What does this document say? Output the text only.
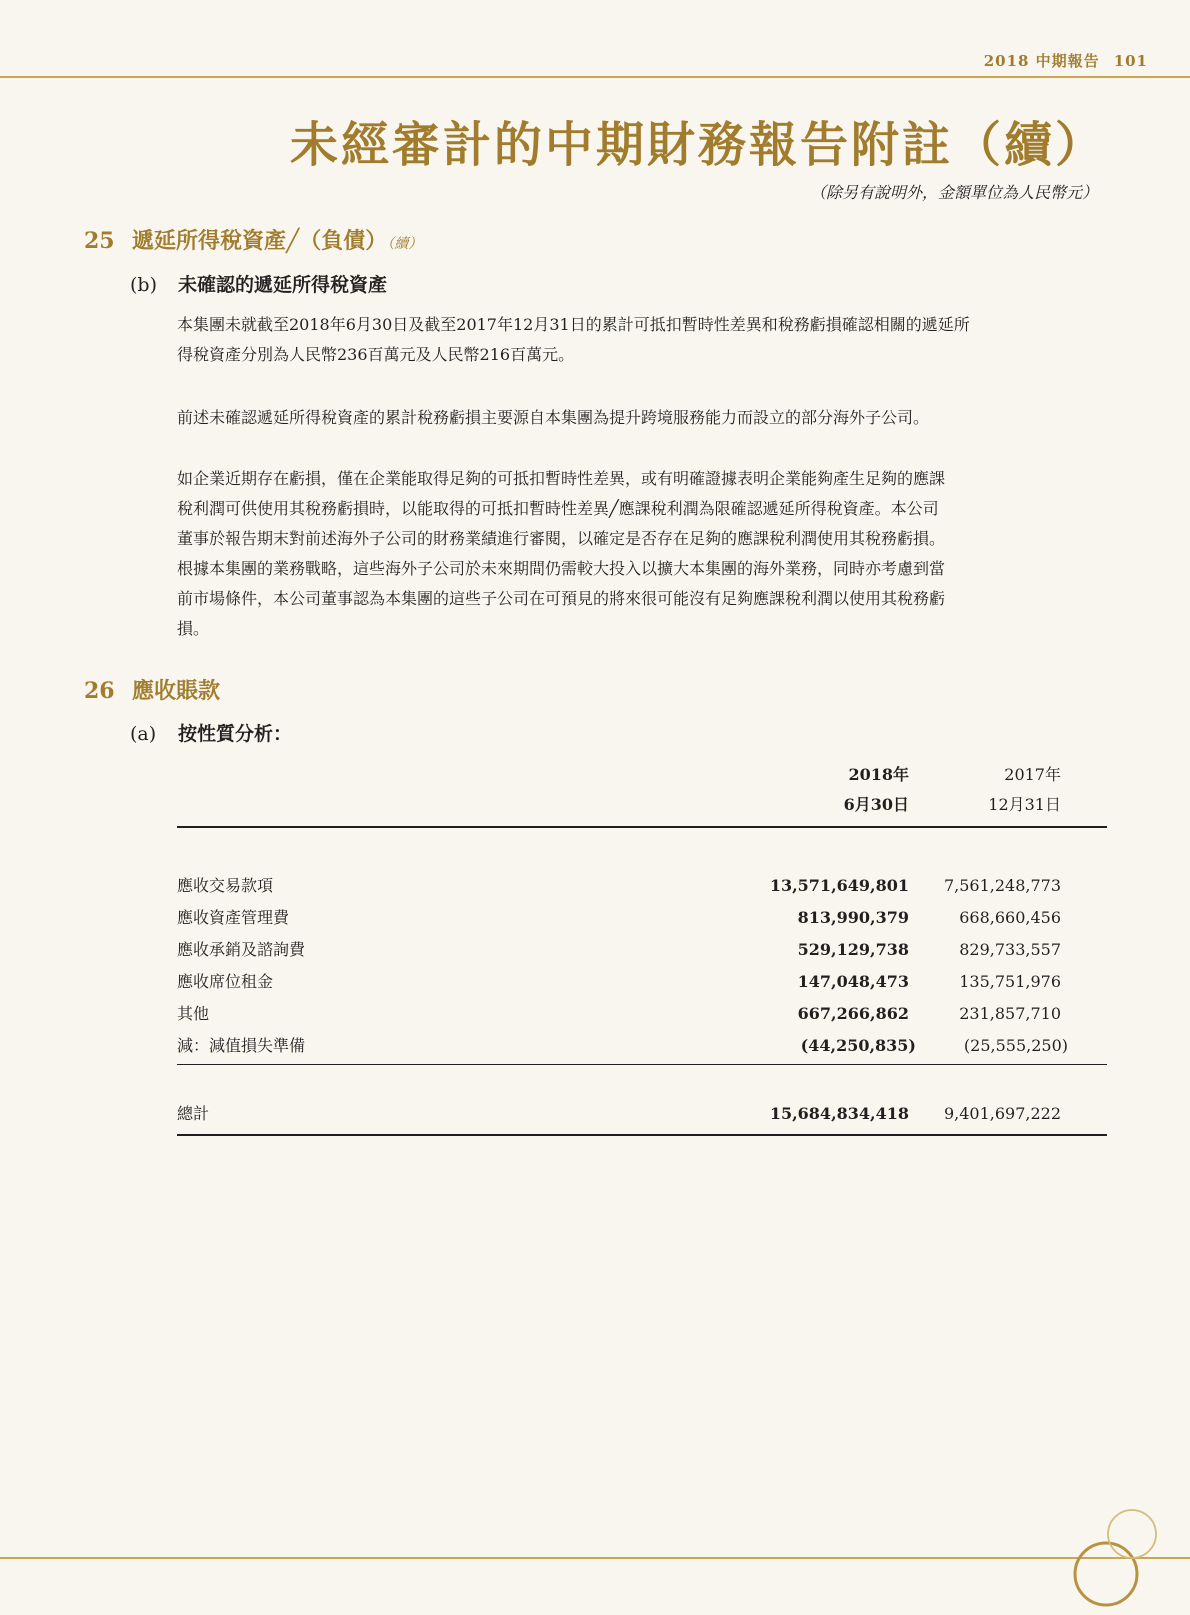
2018 中期報告 101
未經審計的中期財務報告附註（續）
（除另有說明外，金額單位為人民幣元）
25 遞延所得稅資產╱（負債）（續）
(b) 未確認的遞延所得稅資產
本集團未就截至2018年6月30日及截至2017年12月31日的累計可抵扣暫時性差異和稅務虧損確認相關的遞延所
得稅資產分別為人民幣236百萬元及人民幣216百萬元。
前述未確認遞延所得稅資產的累計稅務虧損主要源自本集團為提升跨境服務能力而設立的部分海外子公司。
如企業近期存在虧損，僅在企業能取得足夠的可抵扣暫時性差異，或有明確證據表明企業能夠產生足夠的應課
稅利潤可供使用其稅務虧損時，以能取得的可抵扣暫時性差異╱應課稅利潤為限確認遞延所得稅資產。本公司
董事於報告期末對前述海外子公司的財務業績進行審閱，以確定是否存在足夠的應課稅利潤使用其稅務虧損。
根據本集團的業務戰略，這些海外子公司於未來期間仍需較大投入以擴大本集團的海外業務，同時亦考慮到當
前市場條件，本公司董事認為本集團的這些子公司在可預見的將來很可能沒有足夠應課稅利潤以使用其稅務虧
損。
26 應收賬款
(a) 按性質分析：
2018年
6月30日
2017年
12月31日
應收交易款項	13,571,649,801 7,561,248,773
應收資產管理費	813,990,379	668,660,456
應收承銷及諮詢費	529,129,738	829,733,557
應收席位租金	147,048,473	135,751,976
其他	667,266,862	231,857,710
減：減值損失準備	(44,250,835)	(25,555,250)
總計	15,684,834,418 9,401,697,222
